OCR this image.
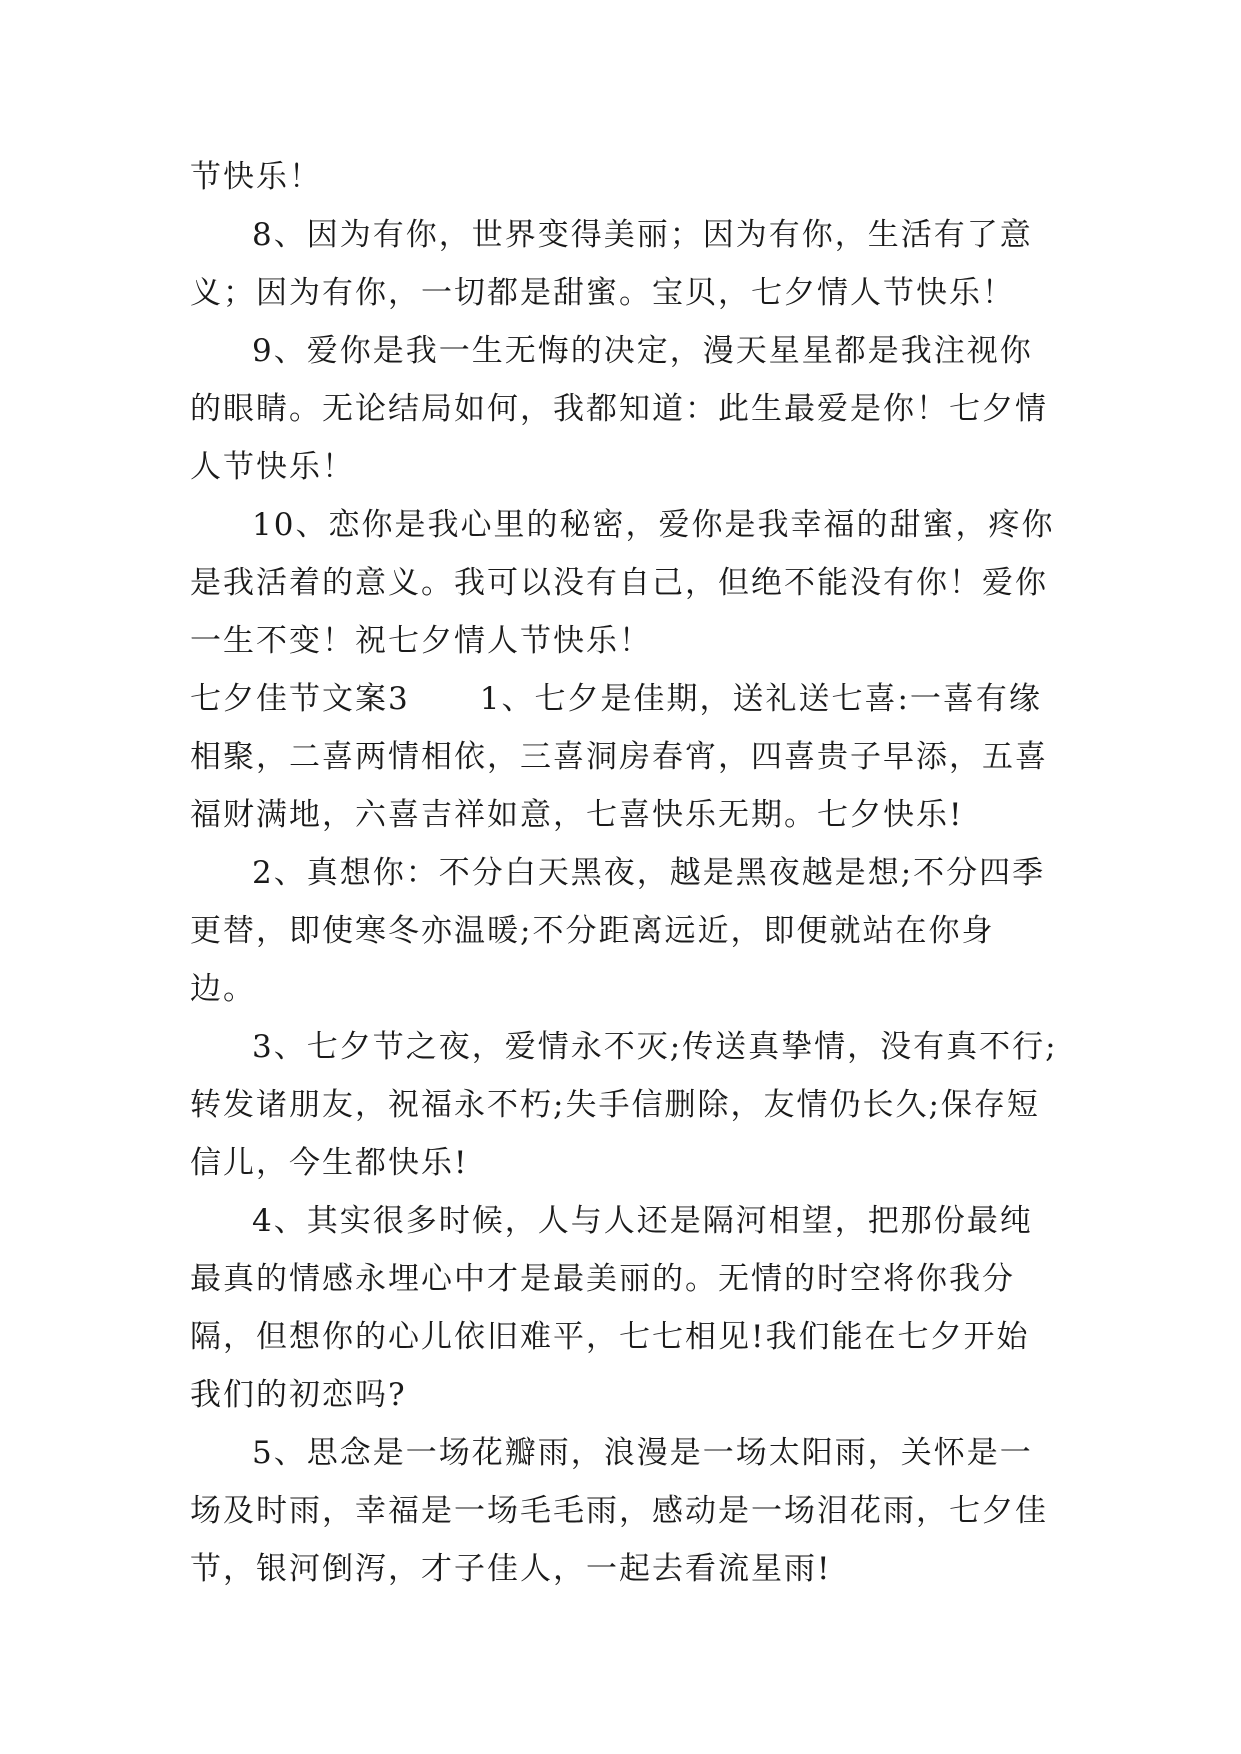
节快乐！

8、因为有你，世界变得美丽；因为有你，生活有了意义；因为有你，一切都是甜蜜。宝贝，七夕情人节快乐！

9、爱你是我一生无悔的决定，漫天星星都是我注视你的眼睛。无论结局如何，我都知道：此生最爱是你！七夕情人节快乐！

10、恋你是我心里的秘密，爱你是我幸福的甜蜜，疼你是我活着的意义。我可以没有自己，但绝不能没有你！爱你一生不变！祝七夕情人节快乐！

七夕佳节文案3 1、七夕是佳期，送礼送七喜:一喜有缘相聚，二喜两情相依，三喜洞房春宵，四喜贵子早添，五喜福财满地，六喜吉祥如意，七喜快乐无期。七夕快乐!

2、真想你：不分白天黑夜，越是黑夜越是想;不分四季更替，即使寒冬亦温暖;不分距离远近，即便就站在你身边。

3、七夕节之夜，爱情永不灭;传送真挚情，没有真不行;转发诸朋友，祝福永不朽;失手信删除，友情仍长久;保存短信儿，今生都快乐!

4、其实很多时候，人与人还是隔河相望，把那份最纯最真的情感永埋心中才是最美丽的。无情的时空将你我分隔，但想你的心儿依旧难平，七七相见!我们能在七夕开始我们的初恋吗?

5、思念是一场花瓣雨，浪漫是一场太阳雨，关怀是一场及时雨，幸福是一场毛毛雨，感动是一场泪花雨，七夕佳节，银河倒泻，才子佳人，一起去看流星雨!
